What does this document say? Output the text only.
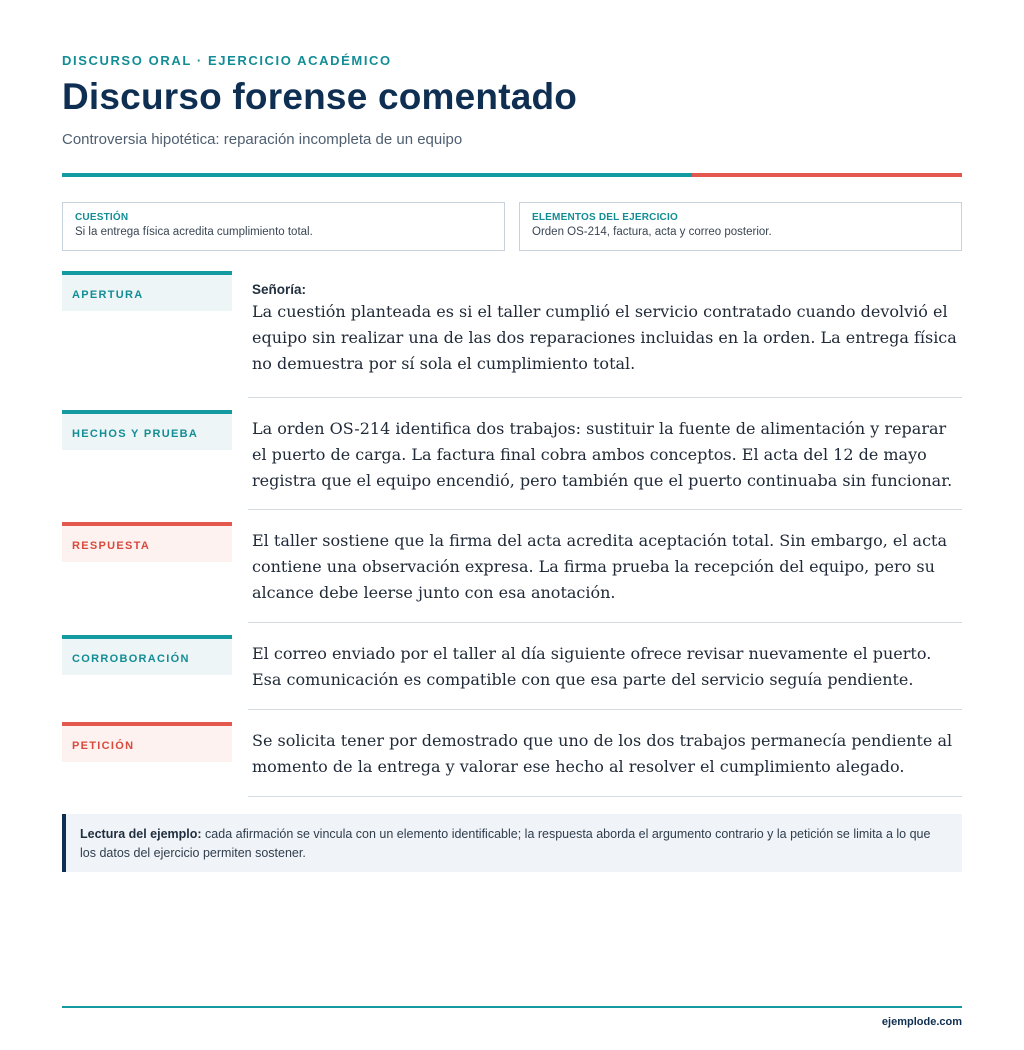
DISCURSO ORAL · EJERCICIO ACADÉMICO
Discurso forense comentado
Controversia hipotética: reparación incompleta de un equipo
CUESTIÓN
Si la entrega física acredita cumplimiento total.
ELEMENTOS DEL EJERCICIO
Orden OS-214, factura, acta y correo posterior.
APERTURA	Señoría:
La cuestión planteada es si el taller cumplió el servicio contratado cuando devolvió el equipo sin realizar una de las dos reparaciones incluidas en la orden. La entrega física no demuestra por sí sola el cumplimiento total.
HECHOS Y PRUEBA	La orden OS-214 identifica dos trabajos: sustituir la fuente de alimentación y reparar el puerto de carga. La factura final cobra ambos conceptos. El acta del 12 de mayo registra que el equipo encendió, pero también que el puerto continuaba sin funcionar.
RESPUESTA	El taller sostiene que la firma del acta acredita aceptación total. Sin embargo, el acta contiene una observación expresa. La firma prueba la recepción del equipo, pero su alcance debe leerse junto con esa anotación.
CORROBORACIÓN	El correo enviado por el taller al día siguiente ofrece revisar nuevamente el puerto. Esa comunicación es compatible con que esa parte del servicio seguía pendiente.
PETICIÓN	Se solicita tener por demostrado que uno de los dos trabajos permanecía pendiente al momento de la entrega y valorar ese hecho al resolver el cumplimiento alegado.
Lectura del ejemplo: cada afirmación se vincula con un elemento identificable; la respuesta aborda el argumento contrario y la petición se limita a lo que los datos del ejercicio permiten sostener.
ejemplode.com
